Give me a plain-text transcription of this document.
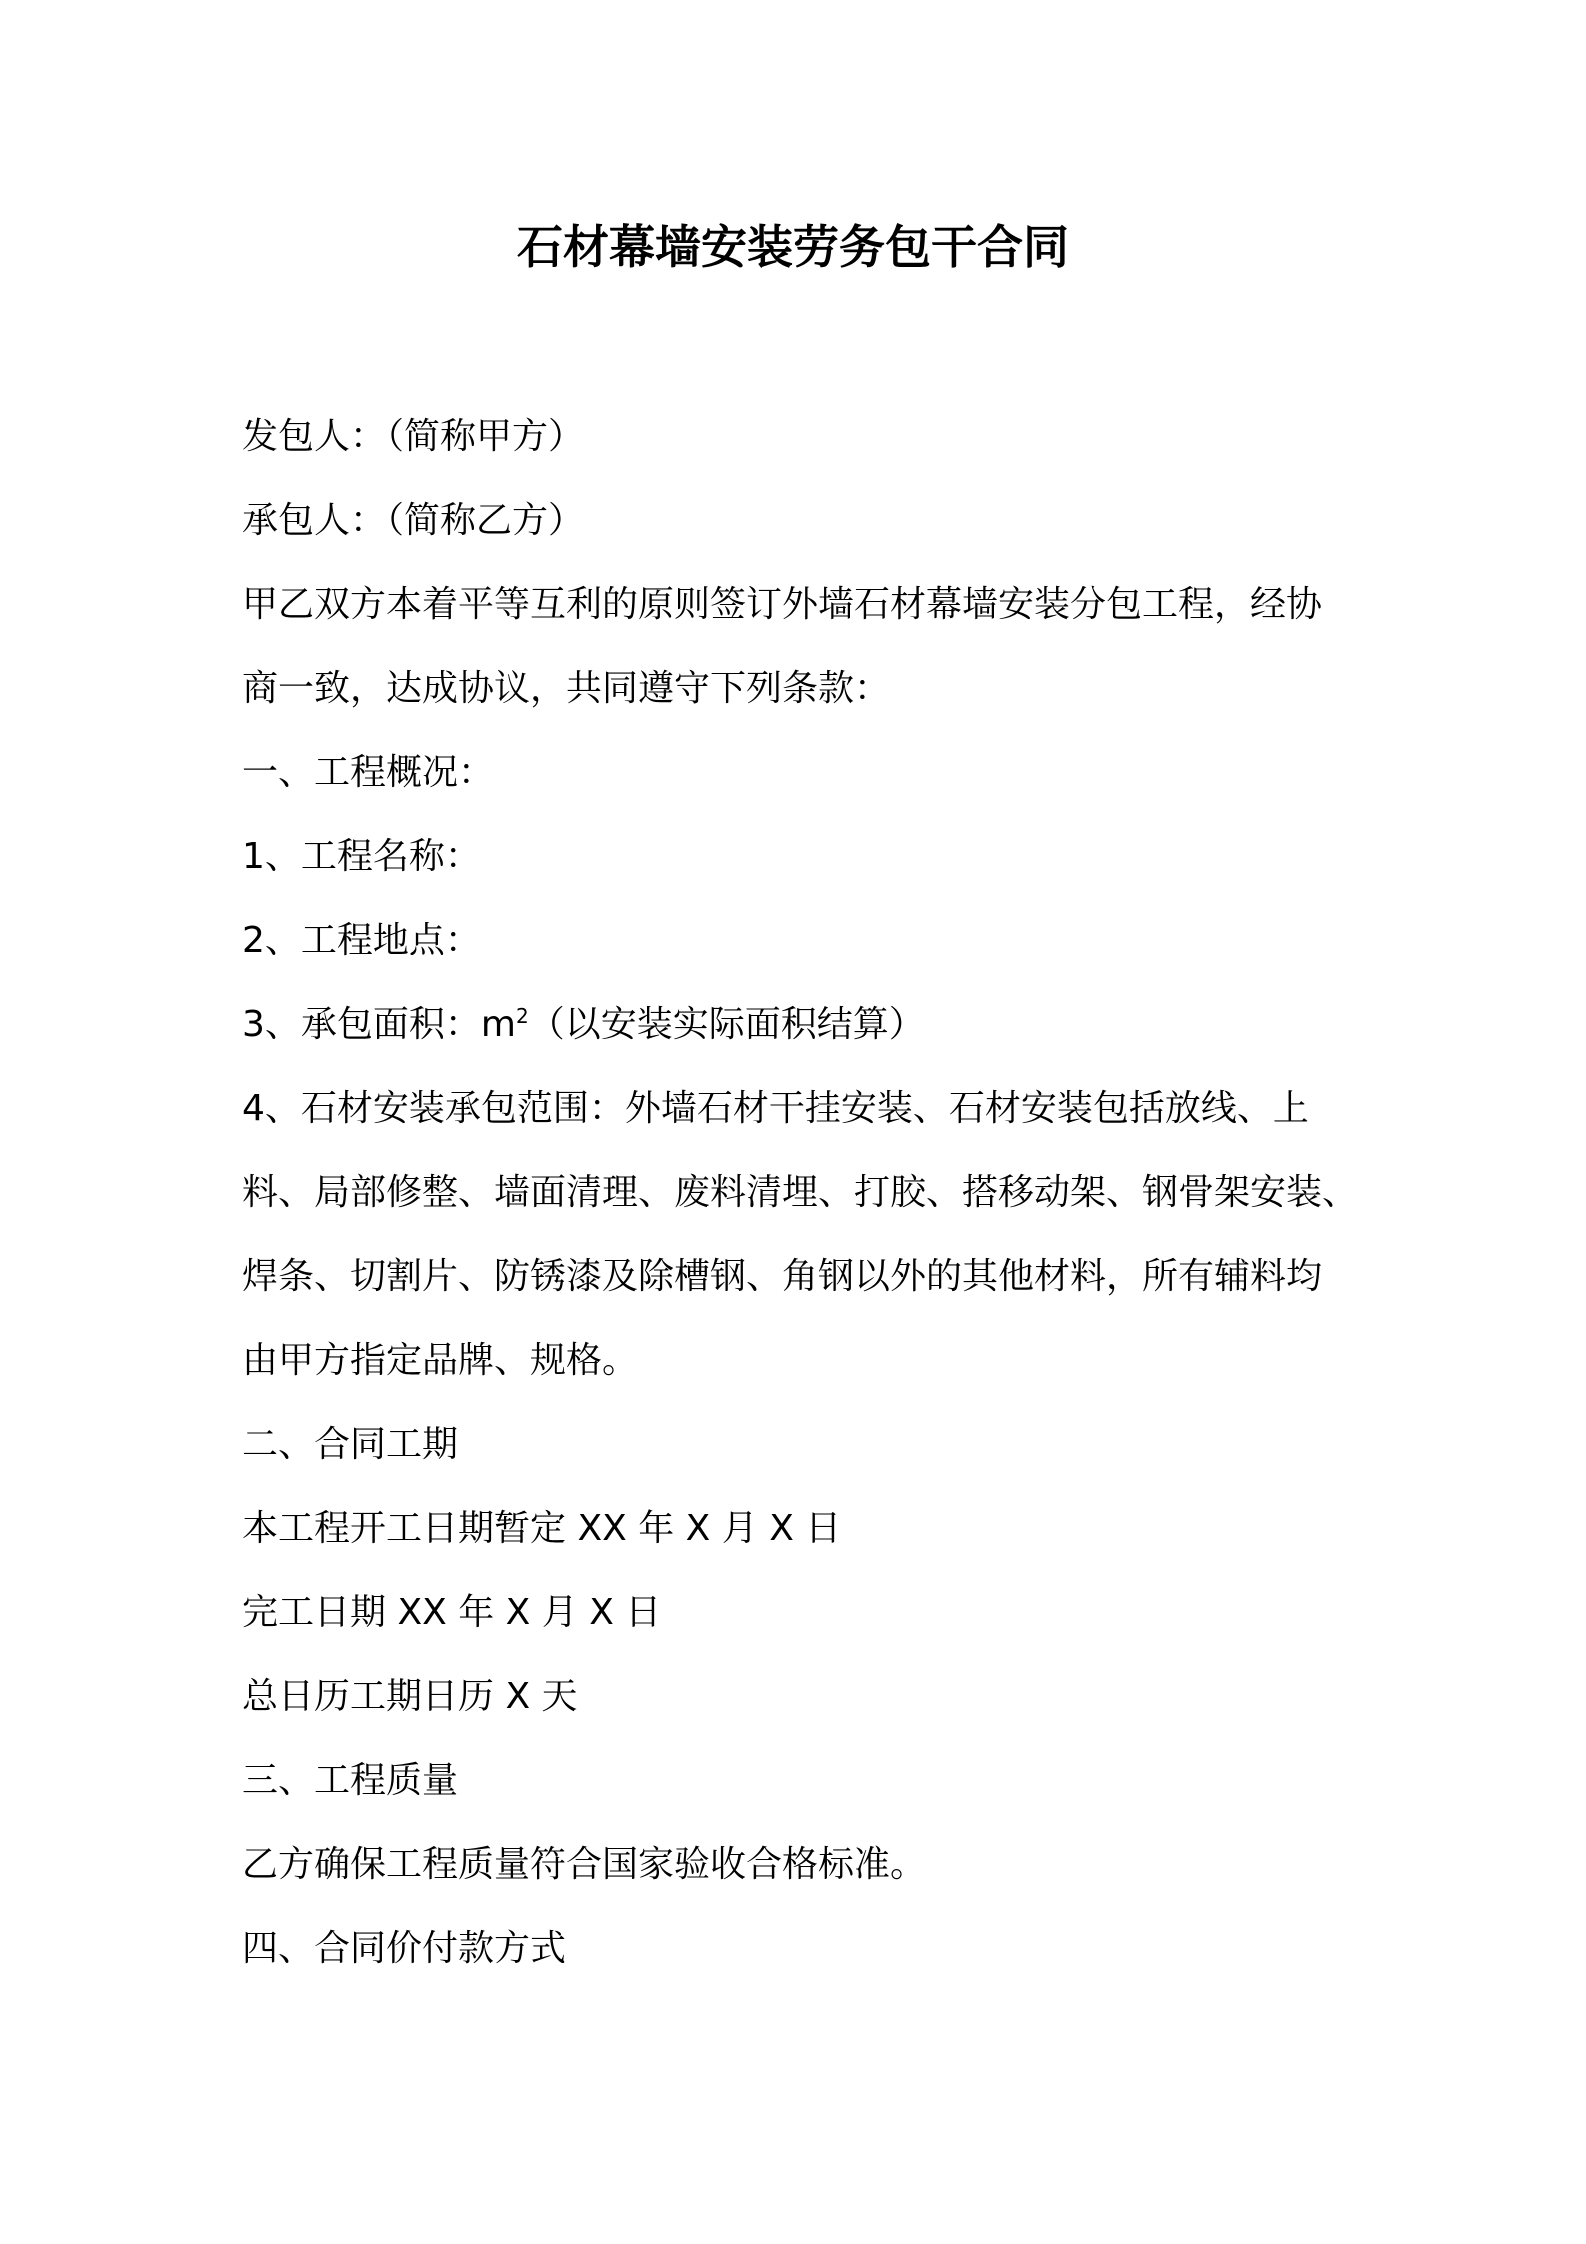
石材幕墙安装劳务包干合同

发包人：（简称甲方）

承包人：（简称乙方）

甲乙双方本着平等互利的原则签订外墙石材幕墙安装分包工程，经协

商一致，达成协议，共同遵守下列条款：

一、工程概况：

1、工程名称：

2、工程地点：

3、承包面积：$m^2$（以安装实际面积结算）

4、石材安装承包范围：外墙石材干挂安装、石材安装包括放线、上

料、局部修整、墙面清理、废料清埋、打胶、搭移动架、钢骨架安装、

焊条、切割片、防锈漆及除槽钢、角钢以外的其他材料，所有辅料均

由甲方指定品牌、规格。

二、合同工期

本工程开工日期暂定 XX 年 X 月 X 日

完工日期 XX 年 X 月 X 日

总日历工期日历 X 天

三、工程质量

乙方确保工程质量符合国家验收合格标准。

四、合同价付款方式
